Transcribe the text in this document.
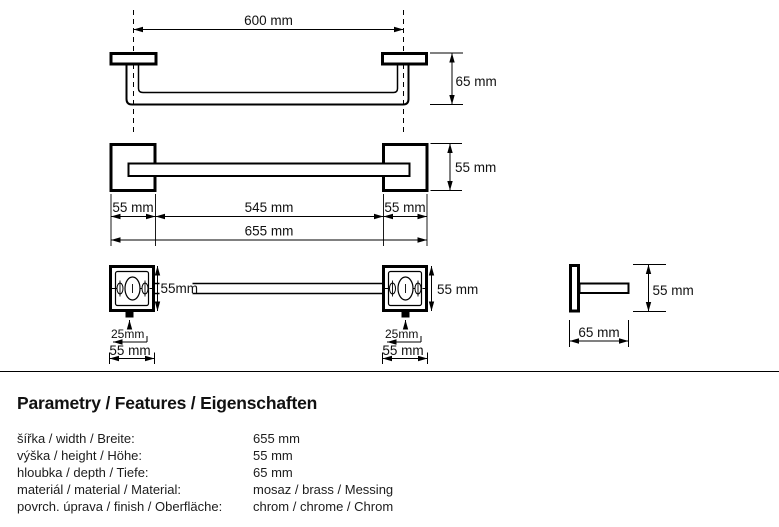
600 mm
65 mm
55 mm
55 mm	545 mm	55 mm
655 mm
55mm
25mm
55 mm
55 mm
25mm
55 mm
55 mm
65 mm
Parametry / Features / Eigenschaften
šířka / width / Breite:	655 mm
výška / height / Höhe:	55 mm
hloubka / depth / Tiefe:	65 mm
materiál / material / Material:	mosaz / brass / Messing
povrch. úprava / finish / Oberfläche:	chrom / chrome / Chrom
